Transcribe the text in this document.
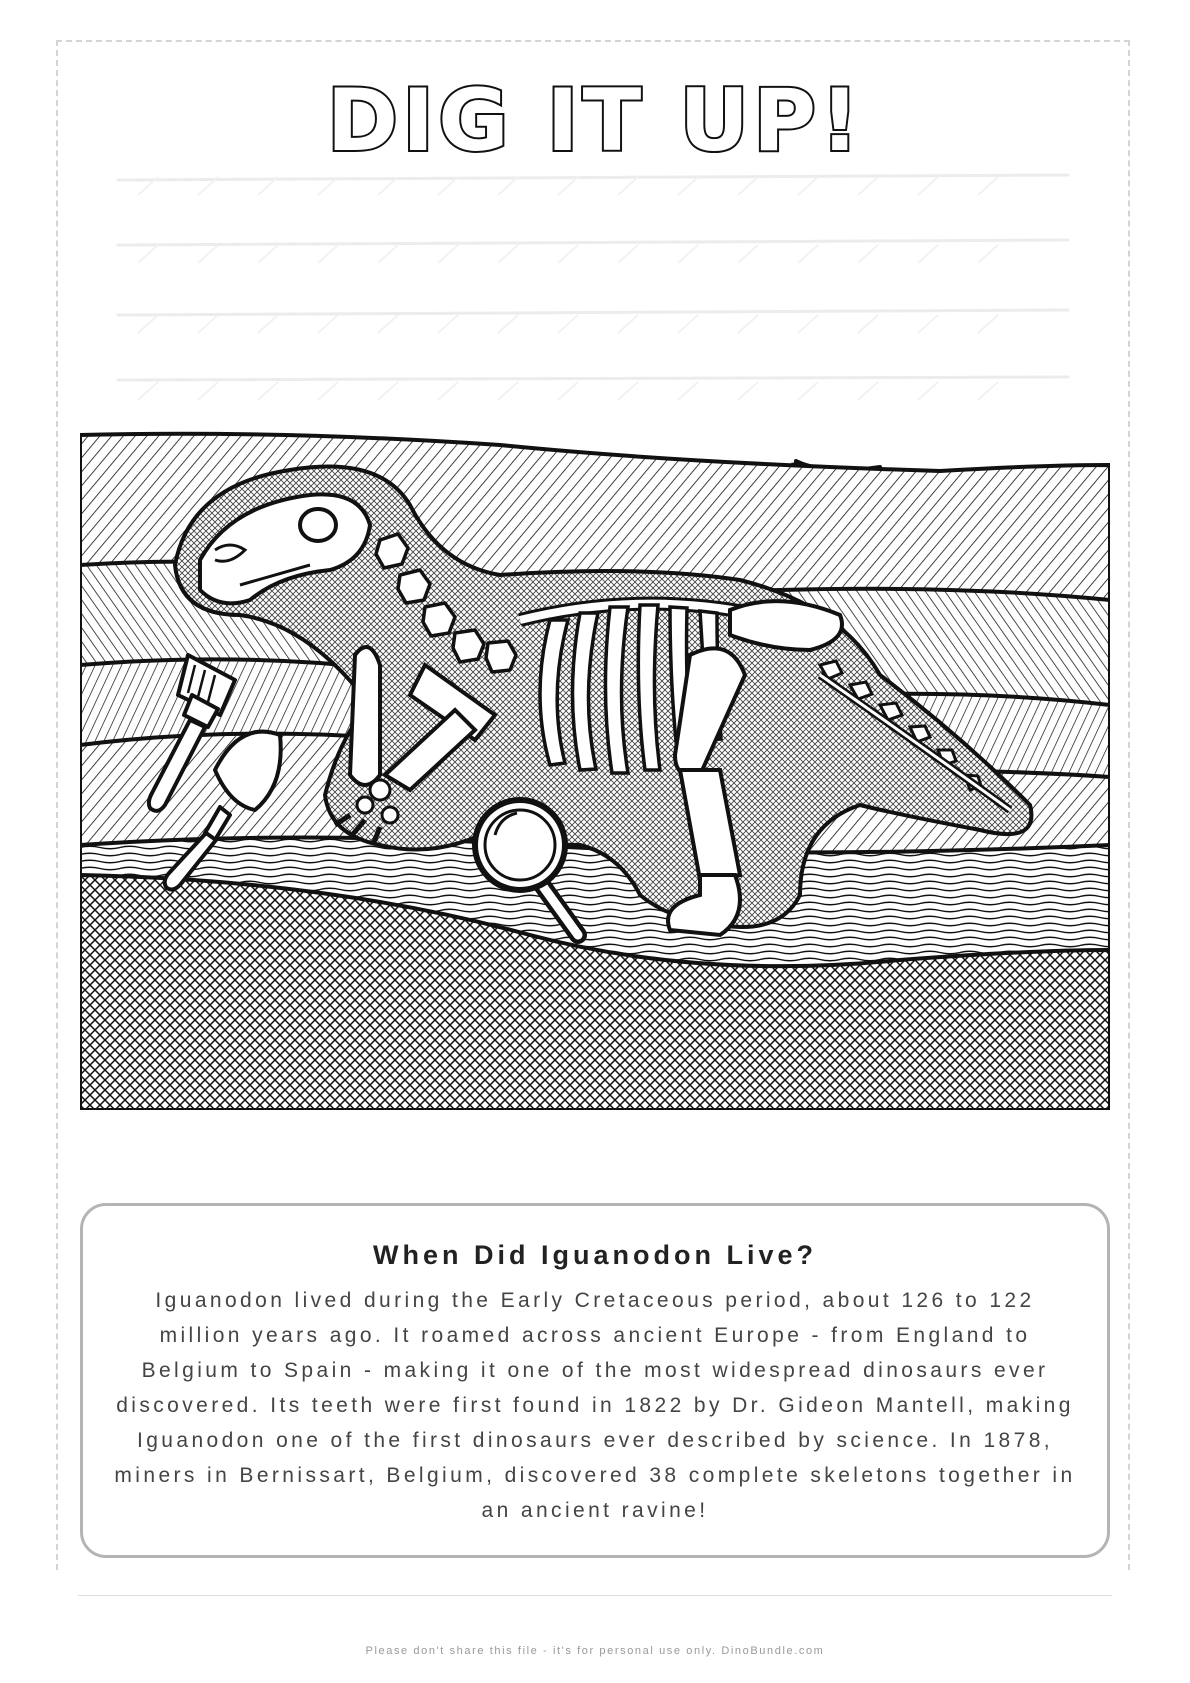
DIG IT UP!
When Did Iguanodon Live?
Iguanodon lived during the Early Cretaceous period, about 126 to 122 million years ago. It roamed across ancient Europe - from England to Belgium to Spain - making it one of the most widespread dinosaurs ever discovered. Its teeth were first found in 1822 by Dr. Gideon Mantell, making Iguanodon one of the first dinosaurs ever described by science. In 1878, miners in Bernissart, Belgium, discovered 38 complete skeletons together in an ancient ravine!
Please don't share this file - it's for personal use only. DinoBundle.com
